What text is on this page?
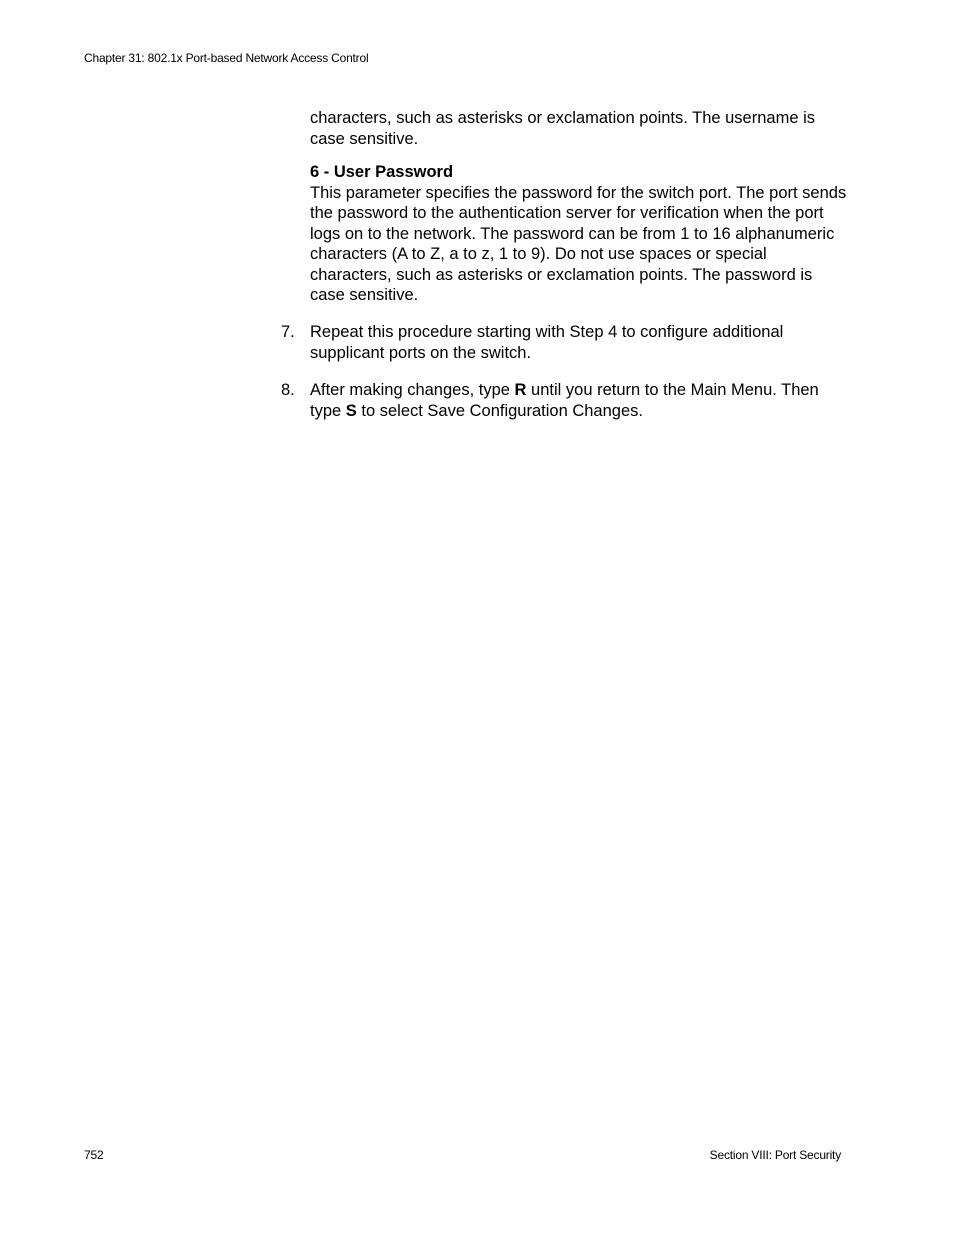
Chapter 31: 802.1x Port-based Network Access Control
characters, such as asterisks or exclamation points. The username is case sensitive.
6 - User Password
This parameter specifies the password for the switch port. The port sends the password to the authentication server for verification when the port logs on to the network. The password can be from 1 to 16 alphanumeric characters (A to Z, a to z, 1 to 9). Do not use spaces or special characters, such as asterisks or exclamation points. The password is case sensitive.
7. Repeat this procedure starting with Step 4 to configure additional supplicant ports on the switch.
8. After making changes, type R until you return to the Main Menu. Then type S to select Save Configuration Changes.
752	Section VIII: Port Security
